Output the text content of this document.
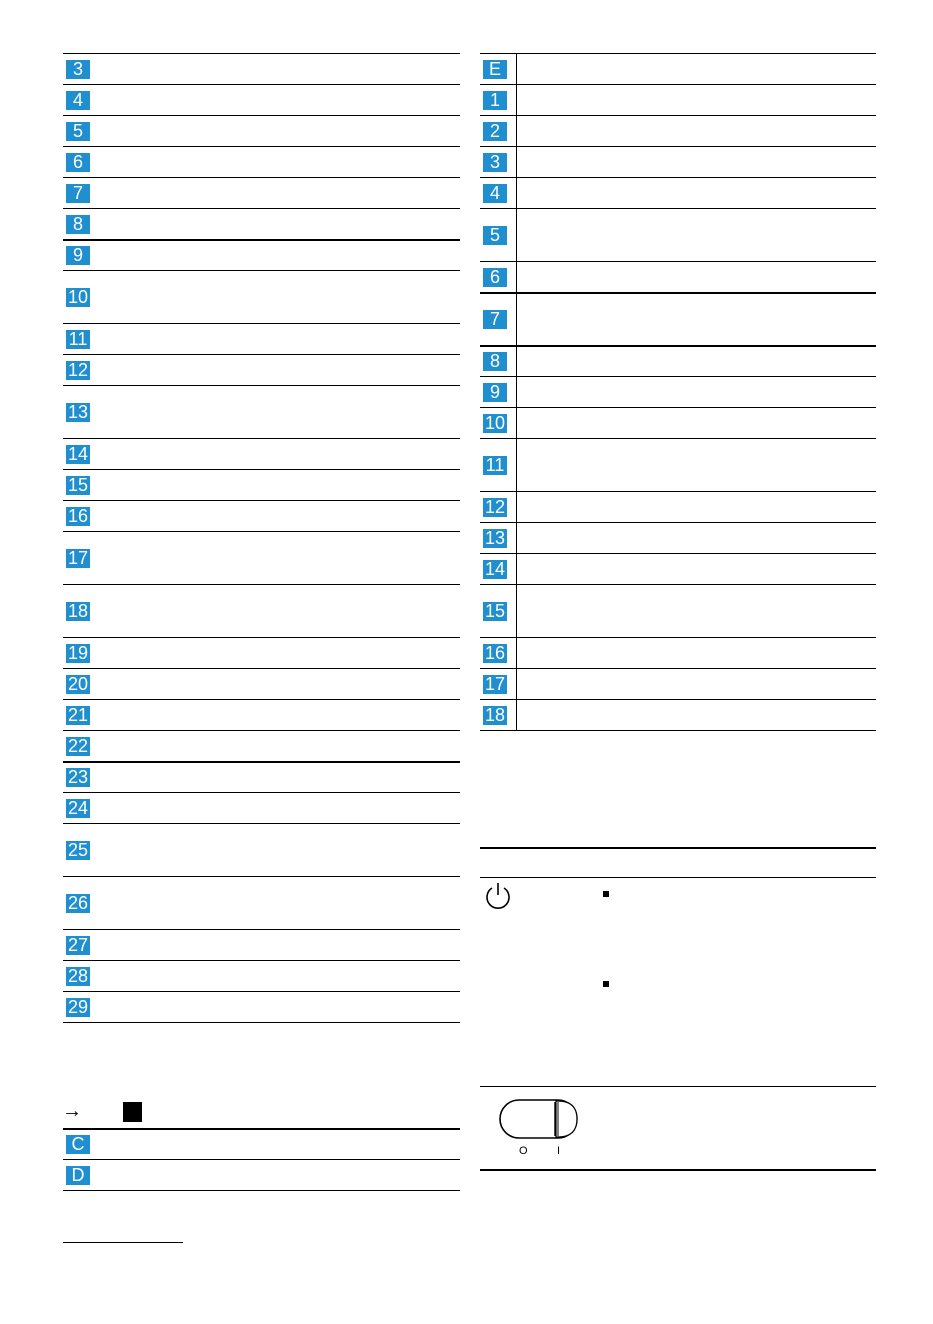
3
4
5
6
7
8
9
10
11
12
13
14
15
16
17
18
19
20
21
22
23
24
25
26
27
28
29
→
C
D
E
1
2
3
4
5
6
7
8
9
10
11
12
13
14
15
16
17
18
O	I
